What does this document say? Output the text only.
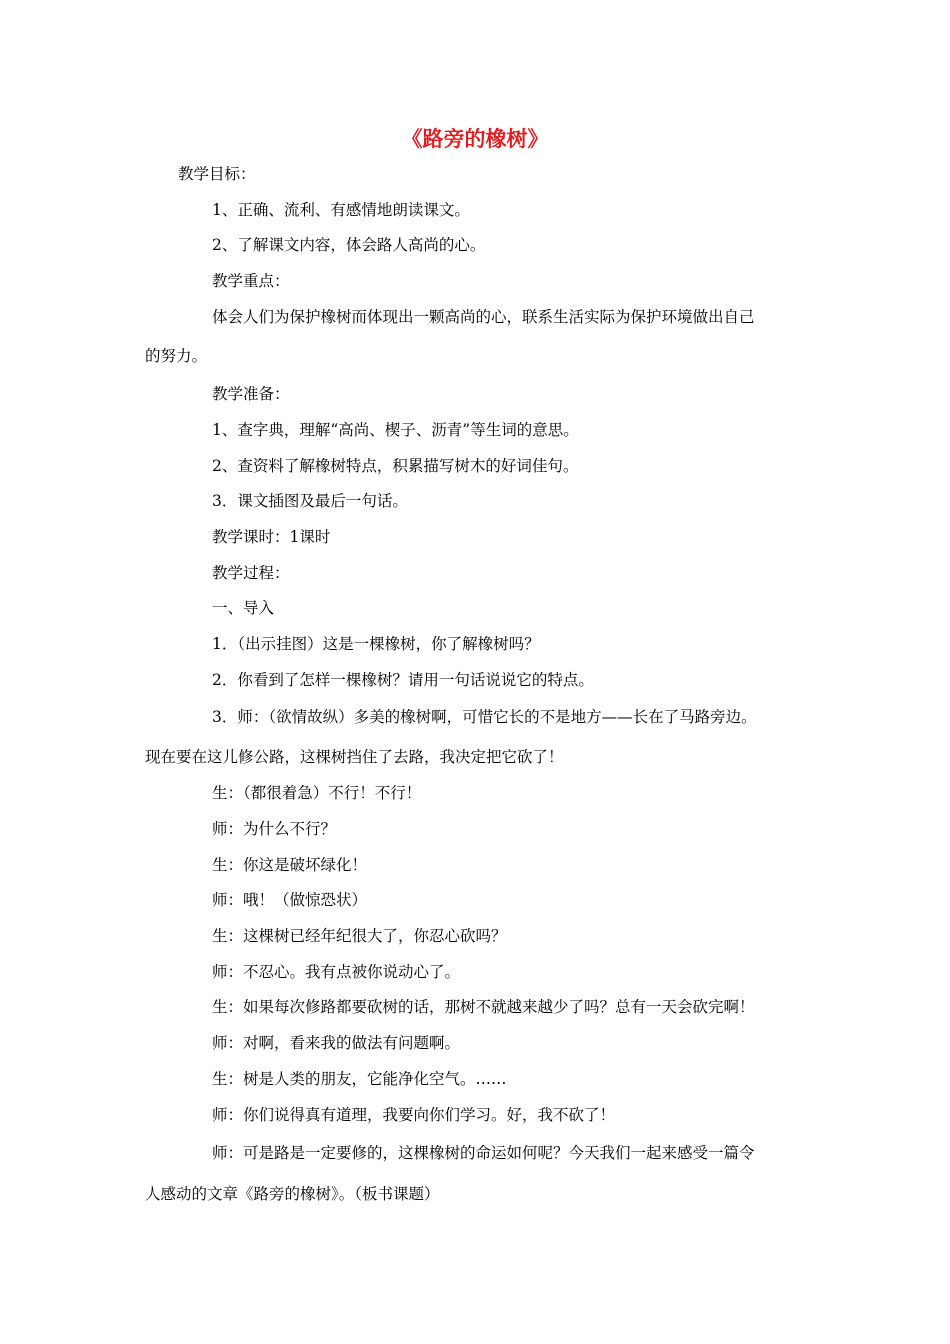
《路旁的橡树》
教学目标：
1、正确、流利、有感情地朗读课文。
2、了解课文内容，体会路人高尚的心。
教学重点：
体会人们为保护橡树而体现出一颗高尚的心，联系生活实际为保护环境做出自己
的努力。
教学准备：
1、查字典，理解“高尚、楔子、沥青”等生词的意思。
2、查资料了解橡树特点，积累描写树木的好词佳句。
3．课文插图及最后一句话。
教学课时：1课时
教学过程：
一、导入
1．（出示挂图）这是一棵橡树，你了解橡树吗？
2．你看到了怎样一棵橡树？请用一句话说说它的特点。
3．师：（欲情故纵）多美的橡树啊，可惜它长的不是地方——长在了马路旁边。
现在要在这儿修公路，这棵树挡住了去路，我决定把它砍了！
生：（都很着急）不行！不行！
师：为什么不行？
生：你这是破坏绿化！
师：哦！（做惊恐状）
生：这棵树已经年纪很大了，你忍心砍吗？
师：不忍心。我有点被你说动心了。
生：如果每次修路都要砍树的话，那树不就越来越少了吗？总有一天会砍完啊！
师：对啊，看来我的做法有问题啊。
生：树是人类的朋友，它能净化空气。……
师：你们说得真有道理，我要向你们学习。好，我不砍了！
师：可是路是一定要修的，这棵橡树的命运如何呢？今天我们一起来感受一篇令
人感动的文章《路旁的橡树》。（板书课题）
